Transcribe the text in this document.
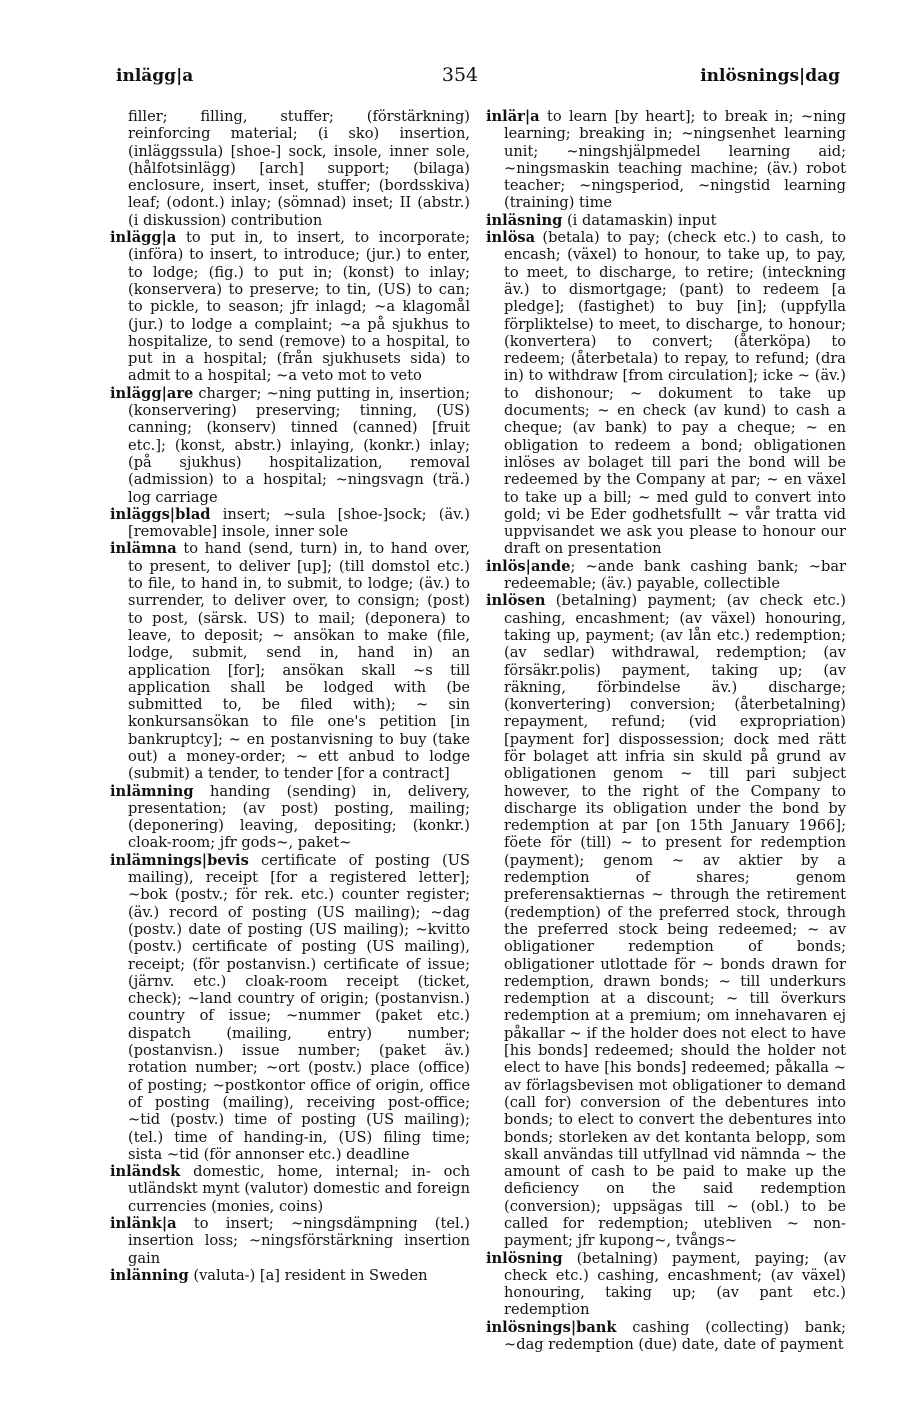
inlägg|a	354	inlösnings|dag

filler; filling, stuffer; (förstärkning) reinforcing material; (i sko) insertion, (inläggssula) [shoe-] sock, insole, inner sole, (hålfotsinlägg) [arch] support; (bilaga) enclosure, insert, inset, stuffer; (bordsskiva) leaf; (odont.) inlay; (sömnad) inset; II (abstr.) (i diskussion) contribution

inlägg|a to put in, to insert, to incorporate; (införa) to insert, to introduce; (jur.) to enter, to lodge; (fig.) to put in; (konst) to inlay; (konservera) to preserve; to tin, (US) to can; to pickle, to season; jfr inlagd; ~a klagomål (jur.) to lodge a complaint; ~a på sjukhus to hospitalize, to send (remove) to a hospital, to put in a hospital; (från sjukhusets sida) to admit to a hospital; ~a veto mot to veto

inlägg|are charger; ~ning putting in, insertion; (konservering) preserving; tinning, (US) canning; (konserv) tinned (canned) [fruit etc.]; (konst, abstr.) inlaying, (konkr.) inlay; (på sjukhus) hospitalization, removal (admission) to a hospital; ~ningsvagn (trä.) log carriage

inläggs|blad insert; ~sula [shoe-]sock; (äv.) [removable] insole, inner sole

inlämna to hand (send, turn) in, to hand over, to present, to deliver [up]; (till domstol etc.) to file, to hand in, to submit, to lodge; (äv.) to surrender, to deliver over, to consign; (post) to post, (särsk. US) to mail; (deponera) to leave, to deposit; ~ ansökan to make (file, lodge, submit, send in, hand in) an application [for]; ansökan skall ~s till application shall be lodged with (be submitted to, be filed with); ~ sin konkursansökan to file one's petition [in bankruptcy]; ~ en postanvisning to buy (take out) a money-order; ~ ett anbud to lodge (submit) a tender, to tender [for a contract]

inlämning handing (sending) in, delivery, presentation; (av post) posting, mailing; (deponering) leaving, depositing; (konkr.) cloak-room; jfr gods~, paket~

inlämnings|bevis certificate of posting (US mailing), receipt [for a registered letter]; ~bok (postv.; för rek. etc.) counter register; (äv.) record of posting (US mailing); ~dag (postv.) date of posting (US mailing); ~kvitto (postv.) certificate of posting (US mailing), receipt; (för postanvisn.) certificate of issue; (järnv. etc.) cloak-room receipt (ticket, check); ~land country of origin; (postanvisn.) country of issue; ~nummer (paket etc.) dispatch (mailing, entry) number; (postanvisn.) issue number; (paket äv.) rotation number; ~ort (postv.) place (office) of posting; ~postkontor office of origin, office of posting (mailing), receiving post-office; ~tid (postv.) time of posting (US mailing); (tel.) time of handing-in, (US) filing time; sista ~tid (för annonser etc.) deadline

inländsk domestic, home, internal; in- och utländskt mynt (valutor) domestic and foreign currencies (monies, coins)

inlänk|a to insert; ~ningsdämpning (tel.) insertion loss; ~ningsförstärkning insertion gain

inlänning (valuta-) [a] resident in Sweden

inlär|a to learn [by heart]; to break in; ~ning learning; breaking in; ~ningsenhet learning unit; ~ningshjälpmedel learning aid; ~ningsmaskin teaching machine; (äv.) robot teacher; ~ningsperiod, ~ningstid learning (training) time

inläsning (i datamaskin) input

inlösa (betala) to pay; (check etc.) to cash, to encash; (växel) to honour, to take up, to pay, to meet, to discharge, to retire; (inteckning äv.) to dismortgage; (pant) to redeem [a pledge]; (fastighet) to buy [in]; (uppfylla förpliktelse) to meet, to discharge, to honour; (konvertera) to convert; (återköpa) to redeem; (återbetala) to repay, to refund; (dra in) to withdraw [from circulation]; icke ~ (äv.) to dishonour; ~ dokument to take up documents; ~ en check (av kund) to cash a cheque; (av bank) to pay a cheque; ~ en obligation to redeem a bond; obligationen inlöses av bolaget till pari the bond will be redeemed by the Company at par; ~ en växel to take up a bill; ~ med guld to convert into gold; vi be Eder godhetsfullt ~ vår tratta vid uppvisandet we ask you please to honour our draft on presentation

inlös|ande; ~ande bank cashing bank; ~bar redeemable; (äv.) payable, collectible

inlösen (betalning) payment; (av check etc.) cashing, encashment; (av växel) honouring, taking up, payment; (av lån etc.) redemption; (av sedlar) withdrawal, redemption; (av försäkr.polis) payment, taking up; (av räkning, förbindelse äv.) discharge; (konvertering) conversion; (återbetalning) repayment, refund; (vid expropriation) [payment for] dispossession; dock med rätt för bolaget att infria sin skuld på grund av obligationen genom ~ till pari subject however, to the right of the Company to discharge its obligation under the bond by redemption at par [on 15th January 1966]; föete för (till) ~ to present for redemption (payment); genom ~ av aktier by a redemption of shares; genom preferensaktiernas ~ through the retirement (redemption) of the preferred stock, through the preferred stock being redeemed; ~ av obligationer redemption of bonds; obligationer utlottade för ~ bonds drawn for redemption, drawn bonds; ~ till underkurs redemption at a discount; ~ till överkurs redemption at a premium; om innehavaren ej påkallar ~ if the holder does not elect to have [his bonds] redeemed; should the holder not elect to have [his bonds] redeemed; påkalla ~ av förlagsbevisen mot obligationer to demand (call for) conversion of the debentures into bonds; to elect to convert the debentures into bonds; storleken av det kontanta belopp, som skall användas till utfyllnad vid nämnda ~ the amount of cash to be paid to make up the deficiency on the said redemption (conversion); uppsägas till ~ (obl.) to be called for redemption; utebliven ~ non-payment; jfr kupong~, tvångs~

inlösning (betalning) payment, paying; (av check etc.) cashing, encashment; (av växel) honouring, taking up; (av pant etc.) redemption

inlösnings|bank cashing (collecting) bank; ~dag redemption (due) date, date of payment
